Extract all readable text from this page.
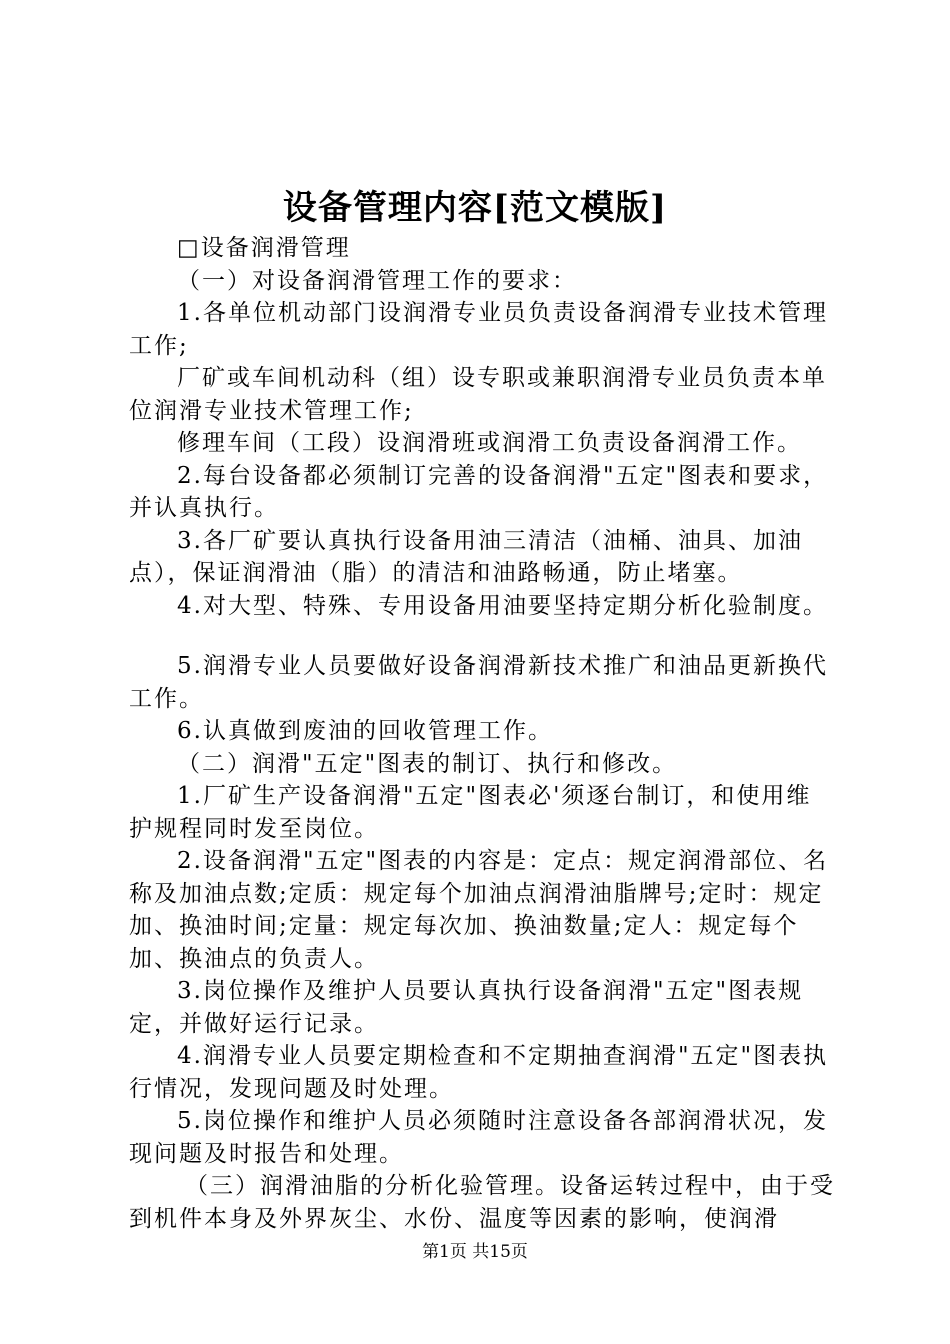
设备管理内容[范文模版]

□设备润滑管理

（一）对设备润滑管理工作的要求：

1.各单位机动部门设润滑专业员负责设备润滑专业技术管理工作;

厂矿或车间机动科（组）设专职或兼职润滑专业员负责本单位润滑专业技术管理工作;

修理车间（工段）设润滑班或润滑工负责设备润滑工作。

2.每台设备都必须制订完善的设备润滑"五定"图表和要求，并认真执行。

3.各厂矿要认真执行设备用油三清洁（油桶、油具、加油点），保证润滑油（脂）的清洁和油路畅通，防止堵塞。

4.对大型、特殊、专用设备用油要坚持定期分析化验制度。

5.润滑专业人员要做好设备润滑新技术推广和油品更新换代工作。

6.认真做到废油的回收管理工作。

（二）润滑"五定"图表的制订、执行和修改。

1.厂矿生产设备润滑"五定"图表必'须逐台制订，和使用维护规程同时发至岗位。

2.设备润滑"五定"图表的内容是：定点：规定润滑部位、名称及加油点数;定质：规定每个加油点润滑油脂牌号;定时：规定加、换油时间;定量：规定每次加、换油数量;定人：规定每个加、换油点的负责人。

3.岗位操作及维护人员要认真执行设备润滑"五定"图表规定，并做好运行记录。

4.润滑专业人员要定期检查和不定期抽查润滑"五定"图表执行情况，发现问题及时处理。

5.岗位操作和维护人员必须随时注意设备各部润滑状况，发现问题及时报告和处理。

（三）润滑油脂的分析化验管理。设备运转过程中，由于受到机件本身及外界灰尘、水份、温度等因素的影响，使润滑

第1页 共15页
